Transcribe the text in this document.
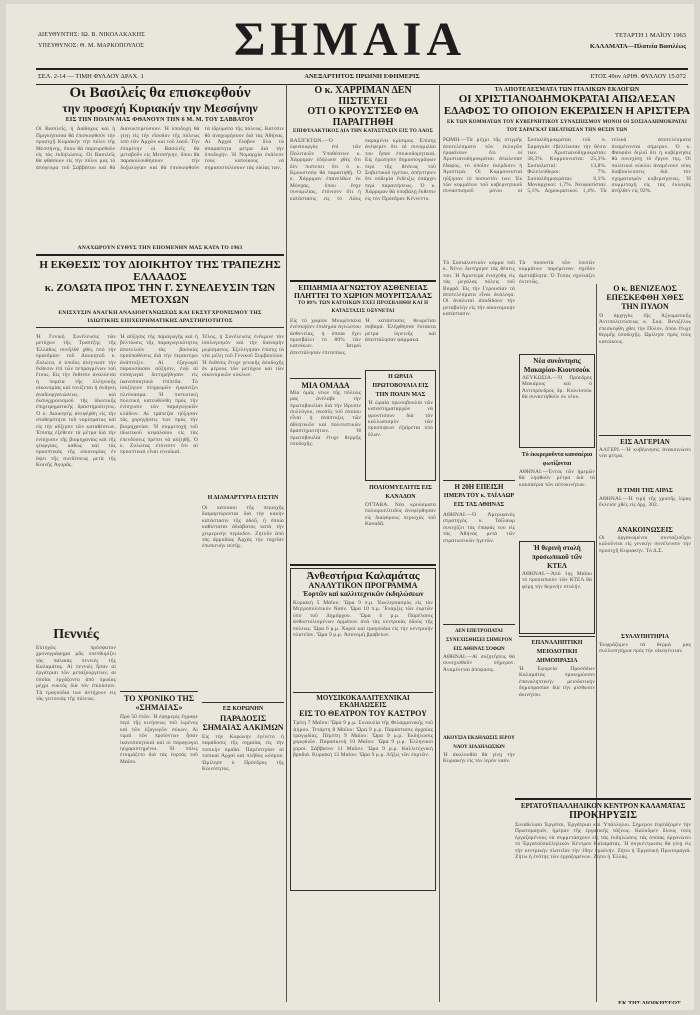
ΔΙΕΥΘΥΝΤΗΣ: ΙΩ. Β. ΝΙΚΟΛΑΚΑΚΗΣ
ΥΠΕΥΘΥΝΟΣ: Θ. Μ. ΜΑΡΚΟΠΟΥΛΟΣ	ΣΗΜΑΙΑ	ΤΕΤΑΡΤΗ 1 ΜΑΪΟΥ 1963
ΚΑΛΑΜΑΤΑ—Πλατεία Βασιλέως
ΣΕΛ. 2-14 — ΤΙΜΗ ΦΥΛΛΟΥ ΔΡΑΧ. 1	ΑΝΕΞΑΡΤΗΤΟΣ ΠΡΩΙΝΗ ΕΦΗΜΕΡΙΣ	ΕΤΟΣ 49ον ΑΡΙΘ. ΦΥΛΛΟΥ 15.072
Οι Βασιλείς θα επισκεφθούν
την προσεχή Κυριακήν την Μεσσήνην
ΕΙΣ ΤΗΝ ΠΟΛΙΝ ΜΑΣ ΦΘΑΝΟΥΝ ΤΗΝ 6 Μ. Μ. ΤΟΥ ΣΑΒΒΑΤΟΥ
Οἱ Βασιλεῖς, ἡ Διάδοχος καὶ ἡ Πριγκήπισσα θὰ ἐπισκεφθοῦν τὴν προσεχῆ Κυριακὴν τὴν πόλιν τῆς Μεσσήνης, ὅπου θὰ παρευρεθοῦν εἰς τὰς ἐκδηλώσεις. Οἱ Βασιλεῖς θὰ φθάσουν εἰς τὴν πόλιν μας τὸ ἀπόγευμα τοῦ Σαββάτου καὶ θὰ διανυκτερεύσουν. Ἡ ὑποδοχὴ θὰ γίνῃ εἰς τὴν εἴσοδον τῆς πόλεως ὑπὸ τῶν Ἀρχῶν καὶ τοῦ λαοῦ. Τὴν ἑπομένην οἱ Βασιλεῖς θὰ μεταβοῦν εἰς Μεσσήνην, ὅπου θὰ παρακολουθήσουν τὴν δοξολογίαν καὶ θὰ ἐπισκεφθοῦν τὰ ἱδρύματα τῆς πόλεως. Κατόπιν θὰ ἀναχωρήσουν διὰ τὰς Ἀθήνας. Αἱ Ἀρχαὶ ἔλαβον ὅλα τὰ ἀπαραίτητα μέτρα διὰ τὴν ὑποδοχήν. Ἡ Νομαρχία ἐκάλεσε τοὺς κατοίκους νὰ σημαιοστολίσουν τὰς οἰκίας των.
ΑΝΑΧΩΡΟΥΝ ΕΥΘΥΣ ΤΗΝ ΕΠΟΜΕΝΗΝ ΜΑΣ ΚΑΤΑ ΤΟ 1963
Η ΕΚΘΕΣΙΣ ΤΟΥ ΔΙΟΙΚΗΤΟΥ ΤΗΣ ΤΡΑΠΕΖΗΣ ΕΛΛΑΔΟΣ
κ. ΖΟΛΩΤΑ ΠΡΟΣ ΤΗΝ Γ. ΣΥΝΕΛΕΥΣΙΝ ΤΩΝ ΜΕΤΟΧΩΝ
ΕΝΙΣΧΥΣΙΝ ΑΝΑΓΚΗ ΑΝΑΔΙΟΡΓΑΝΩΣΕΩΣ ΚΑΙ ΕΚΣΥΓΧΡΟΝΙΣΜΟΥ ΤΗΣ ΙΔΙΩΤΙΚΗΣ ΕΠΙΧΕΙΡΗΜΑΤΙΚΗΣ ΔΡΑΣΤΗΡΙΟΤΗΤΟΣ
Ἡ Γενικὴ Συνέλευσις τῶν μετόχων τῆς Τραπέζης τῆς Ἑλλάδος συνῆλθε χθὲς ὑπὸ τὴν προεδρίαν τοῦ Διοικητοῦ κ. Ζολώτα, ὁ ὁποῖος ἀνέγνωσε τὴν ἔκθεσιν ἐπὶ τῶν πεπραγμένων τοῦ ἔτους. Εἰς τὴν ἔκθεσιν ἀναλύεται ἡ πορεία τῆς ἑλληνικῆς οἰκονομίας καὶ τονίζεται ἡ ἀνάγκη ἀναδιοργανώσεως καὶ ἐκσυγχρονισμοῦ τῆς ἰδιωτικῆς ἐπιχειρηματικῆς δραστηριότητος. Ὁ κ. Διοικητὴς ἀνεφέρθη εἰς τὴν σταθερότητα τοῦ νομίσματος καὶ εἰς τὴν αὔξησιν τῶν καταθέσεων. Ἐπίσης ἐξέθεσε τὰ μέτρα διὰ τὴν ἐνίσχυσιν τῆς βιομηχανίας καὶ τῆς γεωργίας, καθὼς καὶ τὰς προοπτικὰς τῆς οἰκονομίας ἐν ὄψει τῆς συνδέσεως μετὰ τῆς Κοινῆς Ἀγορᾶς.
Πεννιές
Εὐτυχῶς πρόσφατον χρονογράφημα μᾶς ὑπενθυμίζει τὰς παλαιὰς πεννιὲς τῆς Καλαμάτας. Αἱ πεννιὲς ἦσαν αἱ ἐργάτριαι τῶν μεταξουργείων, αἱ ὁποῖαι ἐργάζοντο ἀπὸ πρωΐας μέχρι νυκτὸς διὰ τὸν ἐπιούσιον. Τὰ τραγούδια των ἀντήχουν εἰς τὰς γειτονιὰς τῆς πόλεως.
Ἡ αὔξησις τῆς παραγωγῆς καὶ ἡ βελτίωσις τῆς παραγωγικότητος ἀποτελοῦν τὰς βασικὰς προϋποθέσεις διὰ τὴν περαιτέρω ἀνάπτυξιν. Αἱ ἐξαγωγαὶ παρουσίασαν αὔξησιν, ἐνῷ αἱ εἰσαγωγαὶ διετηρήθησαν εἰς ἱκανοποιητικὰ ἐπίπεδα. Τὸ ἰσοζύγιον πληρωμῶν ἐμφανίζει πλεόνασμα. Ἡ πιστωτικὴ πολιτικὴ κατευθύνθη πρὸς τὴν ἐνίσχυσιν τῶν παραγωγικῶν κλάδων. Αἱ τράπεζαι ηὔξησαν τὰς χορηγήσεις των πρὸς τὴν βιομηχανίαν. Ἡ συμμετοχὴ τοῦ ἰδιωτικοῦ κεφαλαίου εἰς τὰς ἐπενδύσεις πρέπει νὰ αὐξηθῇ. Ὁ κ. Ζολώτας ἐτόνισεν ὅτι αἱ προοπτικαὶ εἶναι εὐνοϊκαί.
ΤΟ ΧΡΟΝΙΚΟ ΤΗΣ «ΣΗΜΑΙΑΣ»
Πρὸ 50 ἐτῶν. Ἡ ἐφημερὶς ἔγραφε περὶ τῆς κινήσεως τοῦ λιμένος καὶ τῶν ἐξαγωγῶν σύκων. Αἱ τιμαὶ τῶν προϊόντων ἦσαν ἱκανοποιητικαὶ καὶ οἱ παραγωγοὶ ηὐχαριστημένοι. Ἡ πόλις ἐτοιμάζετο διὰ τὰς ἑορτὰς τοῦ Μαΐου.
Τέλος, ἡ Συνέλευσις ἐνέκρινε τὸν ἰσολογισμὸν καὶ τὴν διανομὴν μερίσματος. Ἐξελέγησαν ἐπίσης τὰ νέα μέλη τοῦ Γενικοῦ Συμβουλίου. Ἡ ἔκθεσις ἔτυχε γενικῆς ἀποδοχῆς ἐκ μέρους τῶν μετόχων καὶ τῶν οἰκονομικῶν κύκλων.
Η ΔΙΑΜΑΡΤΥΡΙΑ ΕΙΣΤΙΝ
Οἱ κάτοικοι τῆς περιοχῆς διαμαρτύρονται διὰ τὴν κακὴν κατάστασιν τῆς ὁδοῦ, ἡ ὁποία καθίσταται ἀδιάβατος κατὰ τὴν χειμερινὴν περίοδον. Ζητοῦν ἀπὸ τὰς ἁρμοδίας Ἀρχὰς τὴν ταχεῖαν ἐπισκευὴν αὐτῆς.
ΕΞ ΚΟΡΩΝΗΝ
ΠΑΡΑΔΟΣΙΣ ΣΗΜΑΙΑΣ ΑΛΚΙΜΩΝ
Εἰς τὴν Κορώνην ἐγένετο ἡ παράδοσις τῆς σημαίας εἰς τὴν τοπικὴν ὁμάδα. Παρέστησαν αἱ τοπικαὶ Ἀρχαὶ καὶ πλῆθος κόσμου. Ὡμίλησε ὁ Πρόεδρος τῆς Κοινότητος.
Ο κ. ΧΑΡΡΙΜΑΝ ΔΕΝ ΠΙΣΤΕΥΕΙ
ΟΤΙ Ο ΚΡΟΥΣΤΣΕΦ ΘΑ ΠΑΡΑΙΤΗΘΗ
ΕΠΙΦΥΛΑΚΤΙΚΟΣ ΔΙΑ ΤΗΝ ΚΑΤΑΣΤΑΣΙΝ ΕΙΣ ΤΟ ΛΑΟΣ
ΒΑΣΙΓΚΤΩΝ.—Ὁ ὑφυπουργὸς ἐπὶ τῶν Πολιτικῶν Ὑποθέσεων κ. Χάρριμαν ἐδήλωσε χθὲς ὅτι δὲν πιστεύει ὅτι ὁ κ. Κρουστσὲφ θὰ παραιτηθῇ. Ὁ κ. Χάρριμαν ἐπανελθὼν ἐκ Μόσχας, ὅπου ἔσχε συνομιλίας, ἐτόνισεν ὅτι ἡ κατάστασις εἰς τὸ Λάος παραμένει κρίσιμος. Ἐπίσης ἀνέφερεν ὅτι αἱ συνομιλίαι του ἦσαν ἐποικοδομητικαί. Εἰς ἐρώτησιν δημοσιογράφων περὶ τῆς θέσεως τοῦ Σοβιετικοῦ ἡγέτου, ἀπήντησεν ὅτι οὐδεμία ἔνδειξις ὑπάρχει περὶ παραιτήσεως. Ὁ κ. Χάρριμαν θὰ ὑποβάλῃ ἔκθεσιν εἰς τὸν Πρόεδρον Κέννεντυ.
ΕΠΙΔΗΜΙΑ ΑΓΝΩΣΤΟΥ ΑΣΘΕΝΕΙΑΣ ΠΛΗΤΤΕΙ ΤΟ ΧΩΡΙΟΝ ΜΟΥΡΙΤΣΑΛΑΣ
ΤΟ 80% ΤΩΝ ΚΑΤΟΙΚΩΝ ΕΧΕΙ ΠΡΟΣΒΛΗΘΗ ΚΑΙ Η ΚΑΤΑΣΤΑΣΙΣ ΟΞΥΝΕΤΑΙ
Εἰς τὸ χωρίον Μουρίτσαλα ἐνέσκηψεν ἐπιδημία ἀγνώστου ἀσθενείας, ἡ ὁποία ἔχει προσβάλει τὸ 80% τῶν κατοίκων. Ἰατροὶ ἀπεστάλησαν ἐπιτοπίως.
ΜΙΑ ΟΜΑΔΑ
Μία ὁμὰς νέων τῆς πόλεώς μας ἀνέλαβε τὴν πρωτοβουλίαν διὰ τὴν ἵδρυσιν συλλόγου, σκοπὸς τοῦ ὁποίου εἶναι ἡ ἀνάπτυξις τῶν ἀθλητικῶν καὶ πολιτιστικῶν δραστηριοτήτων. Ἡ πρωτοβουλία ἔτυχε θερμῆς ὑποδοχῆς.
Ἡ κατάστασις θεωρεῖται σοβαρά. Ἐλήφθησαν ἔκτακτα μέτρα ὑγιεινῆς καὶ ἀπεστάλησαν φάρμακα.
Η ΩΡΑΙΑ ΠΡΩΤΟΒΟΥΛΙΑ ΕΙΣ ΤΗΝ ΠΟΛΙΝ ΜΑΣ
Ἡ ὡραία πρωτοβουλία τῶν καταστηματαρχῶν νὰ φροντίσουν διὰ τὸν καλλωπισμὸν τῶν προσόψεων ἐξαίρεται ὑπὸ ὅλων.
ΠΟΛΙΟΜΥΕΛΙΤΙΣ ΕΙΣ ΚΑΝΑΔΟΝ
ΟΤΤΑΒΑ. Νέα κρούσματα πολιομυελίτιδος ἀνεφέρθησαν εἰς διαφόρους περιοχὰς τοῦ Καναδᾶ.
Ἀνθεστήρια Καλαμάτας
ΑΝΑΛΥΤΙΚΟΝ ΠΡΟΓΡΑΜΜΑ
Ἑορτῶν καὶ καλλιτεχνικῶν ἐκδηλώσεων
Κυριακὴ 5 Μαΐου: Ὥρα 9 π.μ. Ἐκκλησιασμὸς εἰς τὸν Μητροπολιτικὸν Ναόν. Ὥρα 10 π.μ. Ἔναρξις τῶν ἑορτῶν ὑπὸ τοῦ Δημάρχου. Ὥρα 4 μ.μ. Παρέλασις ἀνθοστολισμένων ἁρμάτων ἀνὰ τὰς κεντρικὰς ὁδοὺς τῆς πόλεως. Ὥρα 6 μ.μ. Χοροὶ καὶ τραγούδια εἰς τὴν κεντρικὴν πλατεῖαν. Ὥρα 9 μ.μ. Ἀπονομὴ βραβείων.
ΜΟΥΣΙΚΟΚΑΛΛΙΤΕΧΝΙΚΑΙ ΕΚΔΗΛΩΣΕΙΣ
ΕΙΣ ΤΟ ΘΕΑΤΡΟΝ ΤΟΥ ΚΑΣΤΡΟΥ
Τρίτη 7 Μαΐου: Ὥρα 9 μ.μ. Συναυλία τῆς Φιλαρμονικῆς τοῦ Δήμου. Τετάρτη 8 Μαΐου: Ὥρα 9 μ.μ. Παράστασις ἀρχαίας τραγῳδίας. Πέμπτη 9 Μαΐου: Ὥρα 9 μ.μ. Ἐκδήλωσις χορῳδιῶν. Παρασκευὴ 10 Μαΐου: Ὥρα 9 μ.μ. Ἑλληνικοὶ χοροί. Σάββατον 11 Μαΐου: Ὥρα 9 μ.μ. Καλλιτεχνικὴ βραδιά. Κυριακὴ 12 Μαΐου: Ὥρα 9 μ.μ. Λῆξις τῶν ἑορτῶν.
ΤΑ ΑΠΟΤΕΛΕΣΜΑΤΑ ΤΩΝ ΙΤΑΛΙΚΩΝ ΕΚΛΟΓΩΝ
ΟΙ ΧΡΙΣΤΙΑΝΟΔΗΜΟΚΡΑΤΑΙ ΑΠΩΛΕΣΑΝ
ΕΔΑΦΟΣ ΤΟ ΟΠΟΙΟΝ ΕΚΕΡΔΙΣΕΝ Η ΑΡΙΣΤΕΡΑ
ΕΚ ΤΩΝ ΚΟΜΜΑΤΩΝ ΤΟΥ ΚΥΒΕΡΝΗΤΙΚΟΥ ΣΥΝΑΣΠΙΣΜΟΥ ΜΟΝΟΙ ΟΙ ΣΟΣΙΑΛΔΗΜΟΚΡΑΤΑΙ ΤΟΥ ΣΑΡΑΓΚΑΤ ΕΒΕΛΤΙΩΣΑΝ ΤΗΝ ΘΕΣΙΝ ΤΩΝ
ΡΩΜΗ.—Τὰ μέχρι τῆς στιγμῆς ἀποτελέσματα τῶν ἐκλογῶν ἐμφαίνουν ὅτι οἱ Χριστιανοδημοκράται ἀπώλεσαν ἔδαφος, τὸ ὁποῖον ἐκέρδισεν ἡ Ἀριστερά. Οἱ Κομμουνισταὶ ηὔξησαν τὸ ποσοστόν των. Ἐκ τῶν κομμάτων τοῦ κυβερνητικοῦ συνασπισμοῦ μόνοι οἱ Σοσιαλδημοκράται τοῦ κ. Σαραγκὰτ ἐβελτίωσαν τὴν θέσιν των. Χριστιανοδημοκράται: 38,3%. Κομμουνισταί: 25,3%. Σοσιαλισταί: 13,8%. Φιλελεύθεροι: 7%. Σοσιαλδημοκράται: 6,1%. Μοναρχικοί: 1,7%. Νεοφασίσται: 5,1%. Δημοκρατικοί: 1,4%. Τὰ τελικὰ ἀποτελέσματα ἀναμένονται σήμερον. Ὁ κ. Φανφάνι δηλοῖ ὅτι ἡ κυβέρνησις θὰ συνεχίσῃ τὸ ἔργον της. Οἱ πολιτικοὶ κύκλοι ἀναμένουν νέας διαβουλεύσεις διὰ τὸν σχηματισμὸν κυβερνήσεως. Ἡ συμμετοχὴ εἰς τὰς ἐκλογὰς ἀνῆλθεν εἰς 92%.
Τὸ Σοσιαλιστικὸν κόμμα τοῦ κ. Νέννι διετήρησε τὰς θέσεις του. Ἡ Ἀριστερὰ ἐνισχύθη εἰς τὰς μεγάλας πόλεις τοῦ Βορρᾶ. Εἰς τὴν Γερουσίαν τὰ ἀποτελέσματα εἶναι ἀνάλογα. Οἱ ἀναλυταὶ ἀποδίδουν τὴν μεταβολὴν εἰς τὴν οἰκονομικὴν κατάστασιν.
Η 20Η ΕΠΕΙΣΗ
ΗΜΕΡΑ ΤΟΥ κ. ΤΑΪΛΑΩΡ
ΕΙΣ ΤΑΣ ΑΘΗΝΑΣ
ΑΘΗΝΑΙ.—Ὁ Ἀμερικανὸς στρατηγὸς κ. Ταΐλαωρ συνεχίζει τὰς ἐπαφάς του εἰς τὰς Ἀθήνας μετὰ τῶν στρατιωτικῶν ἡγετῶν.
ΔΕΝ ΕΠΕΤΡΟΠΑΤΑΙ ΣΥΝΕΧΙΣΘΗΣΕΙ ΣΗΜΕΡΟΝ ΕΙΣ ΑΘΗΝΑΣ ΣΟΦΩΝ
ΑΘΗΝΑΙ.—Αἱ συζητήσεις θὰ συνεχισθοῦν σήμερον. Ἀναμένεται ἀπόφασις.
ΑΚΟΥΣΙΑ ΕΚΔΗΛΩΣΙΣ ΙΕΡΟΥ ΝΑΟΥ ΔΙΑΔΗΛΩΣΙΩΝ
Ἡ ἀκολουθία θὰ γίνῃ τὴν Κυριακὴν εἰς τὸν ἱερὸν ναόν.
Τὰ ποσοστὰ τῶν λοιπῶν κομμάτων παρέμειναν σχεδὸν ἀμετάβλητα. Ὁ Τύπος σχολιάζει ἐκτενῶς.
Νέα συνάντησις
Μακαρίου-Κιουτσούκ
ΛΕΥΚΩΣΙΑ.—Ὁ Πρόεδρος Μακάριος καὶ ὁ Ἀντιπρόεδρος δρ. Κιουτσοὺκ θὰ συναντηθοῦν ἐκ νέου.
Τὸ ἐκκρεμοῦντα καυσαέρια φωτίζονται
ΑΘΗΝΑΙ.—Ἐντὸς τῶν ἡμερῶν θὰ ληφθοῦν μέτρα διὰ τὰ καυσαέρια τῶν αὐτοκινήτων.
Ἡ θερινὴ στολὴ
προσωπικοῦ τῶν ΚΤΕΛ
ΑΘΗΝΑΙ.—Ἀπὸ 1ης Μαΐου τὸ προσωπικὸν τῶν ΚΤΕΛ θὰ φέρῃ τὴν θερινὴν στολήν.
ΕΠΑΝΑΛΗΠΤΙΚΗ ΜΕΙΟΔΟΤΙΚΗ ΔΗΜΟΠΡΑΣΙΑ
Ἡ Ἐφορεία Προσόδων Καλαμάτας προκηρύσσει ἐπαναληπτικὴν μειοδοτικὴν δημοπρασίαν διὰ τὴν μίσθωσιν ἀκινήτου.
Ο κ. ΒΕΝΙΖΕΛΟΣ ΕΠΕΣΚΕΦΘΗ ΧΘΕΣ ΤΗΝ ΠΥΛΟΝ
Ὁ ἀρχηγὸς τῆς Ἀξιωματικῆς Ἀντιπολιτεύσεως κ. Σοφ. Βενιζέλος ἐπεσκέφθη χθὲς τὴν Πύλον, ὅπου ἔτυχε θερμῆς ὑποδοχῆς. Ὡμίλησε πρὸς τοὺς κατοίκους.
ΕΙΣ ΑΛΓΕΡΙΑΝ
ΑΛΓΕΡΙ.—Ἡ κυβέρνησις ἀνακοινώνει νέα μέτρα.
Η ΤΙΜΗ ΤΗΣ ΛΙΡΑΣ
ΑΘΗΝΑΙ.—Ἡ τιμὴ τῆς χρυσῆς λίρας ἔκλεισε χθὲς εἰς δρχ. 302.
ΑΝΑΚΟΙΝΩΣΕΙΣ
Οἱ ὀργανωμένοι συνταξιοῦχοι καλοῦνται εἰς γενικὴν συνέλευσιν τὴν προσεχῆ Κυριακήν. Τὸ Δ.Σ.
ΣΥΛΛΥΠΗΤΗΡΙΑ
Ἐκφράζομεν τὰ θερμά μας συλλυπητήρια πρὸς τὴν οἰκογένειαν.
ΕΡΓΑΤΟΫΠΑΛΛΗΛΙΚΟΝ ΚΕΝΤΡΟΝ ΚΑΛΑΜΑΤΑΣ
ΠΡΟΚΗΡΥΞΙΣ
Συνάδελφοι Ἐργάται, Ἐργάτριαι καὶ Ὑπάλληλοι. Σήμερον ἐορτάζομεν τὴν Πρωτομαγιάν, ἡμέραν τῆς ἐργατικῆς τάξεως. Καλοῦμεν ὅλους τοὺς ἐργαζομένους νὰ συμμετάσχουν εἰς τὰς ἐκδηλώσεις τὰς ὁποίας ὀργανώνει τὸ Ἐργατοϋπαλληλικὸν Κέντρον Καλαμάτας. Ἡ συγκέντρωσις θὰ γίνῃ εἰς τὴν κεντρικὴν πλατεῖαν τὴν 10ην πρωϊνήν. Ζήτω ἡ Ἐργατικὴ Πρωτομαγιά. Ζήτω ἡ ἑνότης τῶν ἐργαζομένων. Ζήτω ἡ Ἑλλάς.
ΕΚ ΤΗΣ ΔΙΟΙΚΗΣΕΩΣ
